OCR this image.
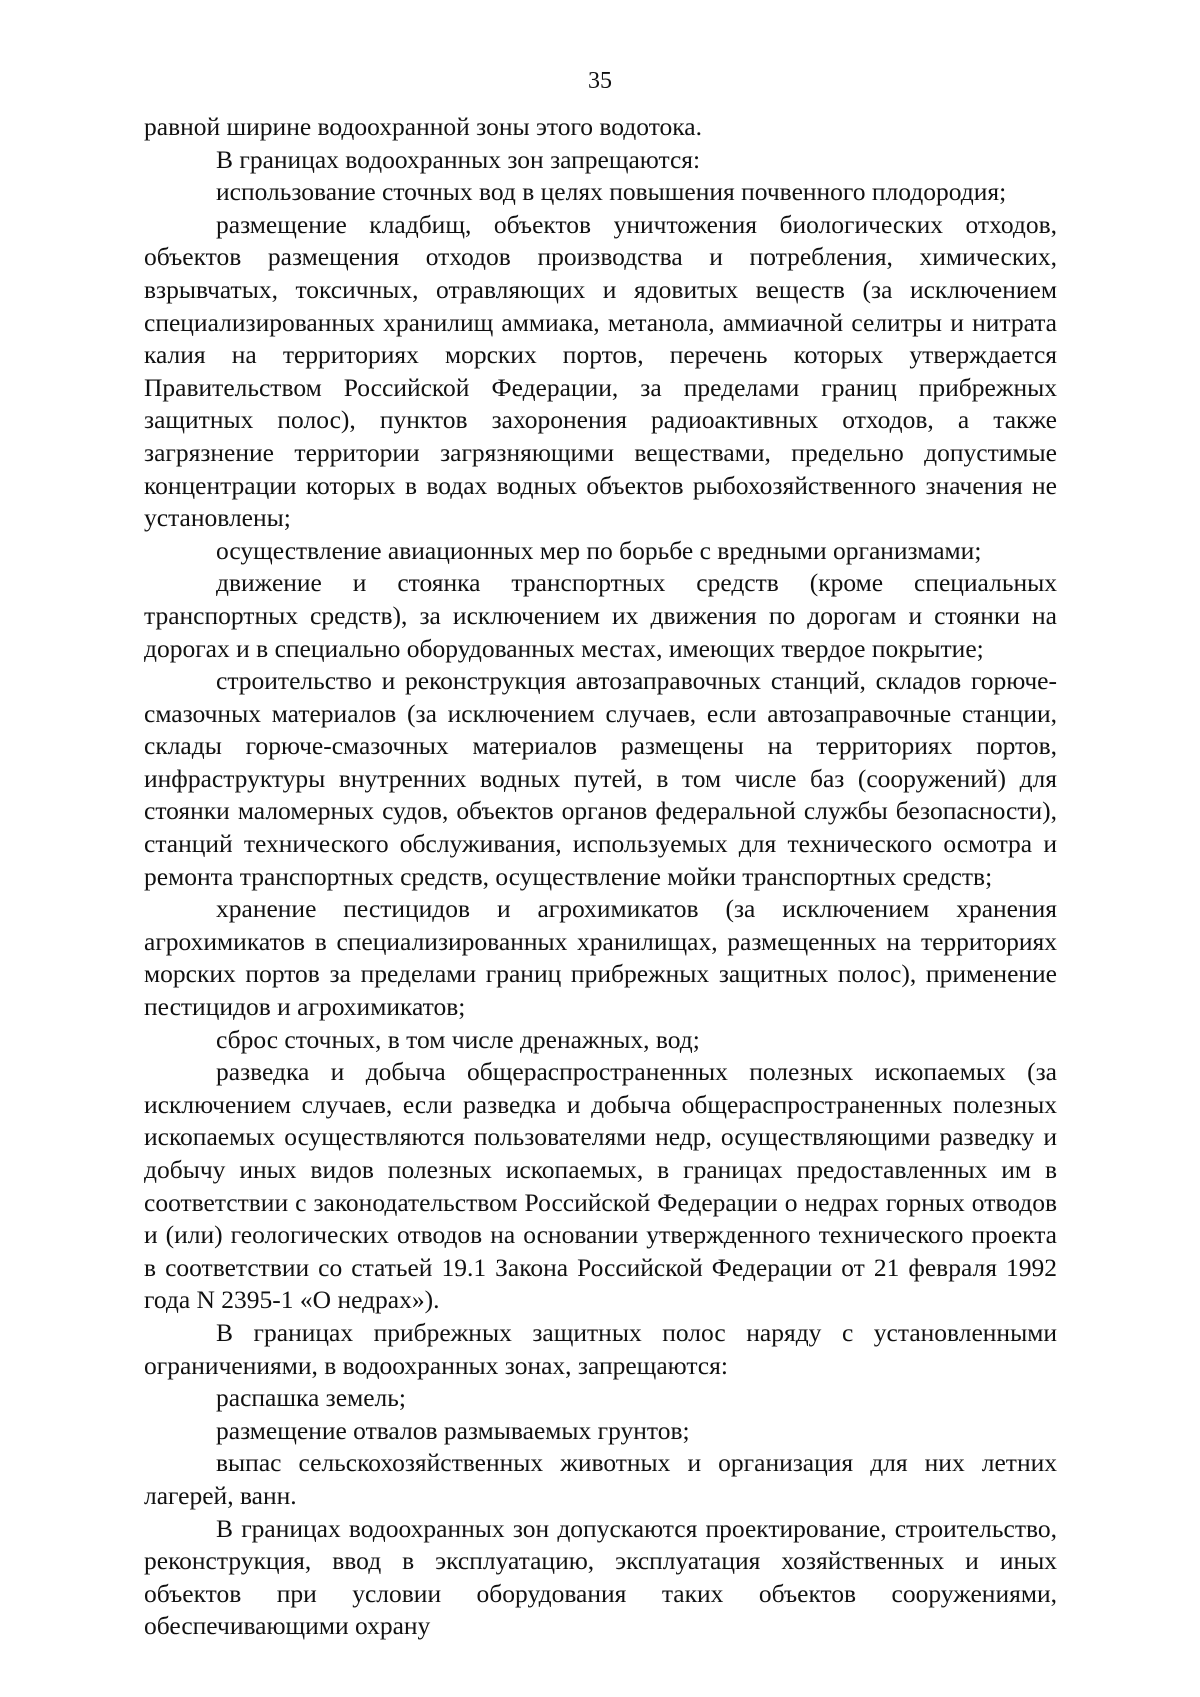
35

равной ширине водоохранной зоны этого водотока.

В границах водоохранных зон запрещаются:

использование сточных вод в целях повышения почвенного плодородия;

размещение кладбищ, объектов уничтожения биологических отходов, объектов размещения отходов производства и потребления, химических, взрывчатых, токсичных, отравляющих и ядовитых веществ (за исключением специализированных хранилищ аммиака, метанола, аммиачной селитры и нитрата калия на территориях морских портов, перечень которых утверждается Правительством Российской Федерации, за пределами границ прибрежных защитных полос), пунктов захоронения радиоактивных отходов, а также загрязнение территории загрязняющими веществами, предельно допустимые концентрации которых в водах водных объектов рыбохозяйственного значения не установлены;

осуществление авиационных мер по борьбе с вредными организмами;

движение и стоянка транспортных средств (кроме специальных транспортных средств), за исключением их движения по дорогам и стоянки на дорогах и в специально оборудованных местах, имеющих твердое покрытие;

строительство и реконструкция автозаправочных станций, складов горюче-смазочных материалов (за исключением случаев, если автозаправочные станции, склады горюче-смазочных материалов размещены на территориях портов, инфраструктуры внутренних водных путей, в том числе баз (сооружений) для стоянки маломерных судов, объектов органов федеральной службы безопасности), станций технического обслуживания, используемых для технического осмотра и ремонта транспортных средств, осуществление мойки транспортных средств;

хранение пестицидов и агрохимикатов (за исключением хранения агрохимикатов в специализированных хранилищах, размещенных на территориях морских портов за пределами границ прибрежных защитных полос), применение пестицидов и агрохимикатов;

сброс сточных, в том числе дренажных, вод;

разведка и добыча общераспространенных полезных ископаемых (за исключением случаев, если разведка и добыча общераспространенных полезных ископаемых осуществляются пользователями недр, осуществляющими разведку и добычу иных видов полезных ископаемых, в границах предоставленных им в соответствии с законодательством Российской Федерации о недрах горных отводов и (или) геологических отводов на основании утвержденного технического проекта в соответствии со статьей 19.1 Закона Российской Федерации от 21 февраля 1992 года N 2395-1 «О недрах»).

В границах прибрежных защитных полос наряду с установленными ограничениями, в водоохранных зонах, запрещаются:

распашка земель;

размещение отвалов размываемых грунтов;

выпас сельскохозяйственных животных и организация для них летних лагерей, ванн.

В границах водоохранных зон допускаются проектирование, строительство, реконструкция, ввод в эксплуатацию, эксплуатация хозяйственных и иных объектов при условии оборудования таких объектов сооружениями, обеспечивающими охрану
